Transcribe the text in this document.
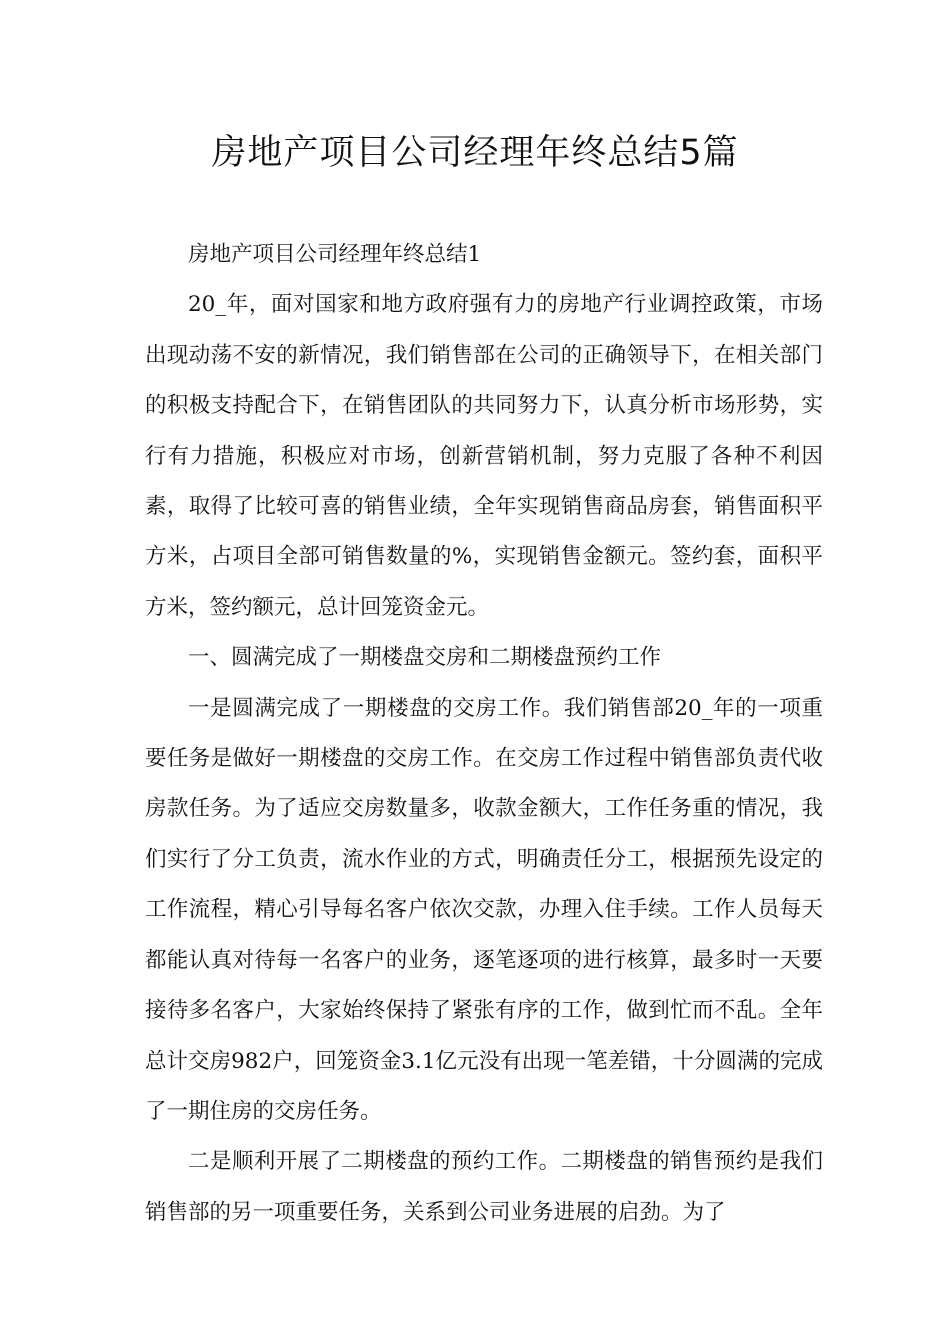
房地产项目公司经理年终总结5篇

房地产项目公司经理年终总结1

20_年，面对国家和地方政府强有力的房地产行业调控政策，市场出现动荡不安的新情况，我们销售部在公司的正确领导下，在相关部门的积极支持配合下，在销售团队的共同努力下，认真分析市场形势，实行有力措施，积极应对市场，创新营销机制，努力克服了各种不利因素，取得了比较可喜的销售业绩，全年实现销售商品房套，销售面积平方米，占项目全部可销售数量的%，实现销售金额元。签约套，面积平方米，签约额元，总计回笼资金元。

一、圆满完成了一期楼盘交房和二期楼盘预约工作

一是圆满完成了一期楼盘的交房工作。我们销售部20_年的一项重要任务是做好一期楼盘的交房工作。在交房工作过程中销售部负责代收房款任务。为了适应交房数量多，收款金额大，工作任务重的情况，我们实行了分工负责，流水作业的方式，明确责任分工，根据预先设定的工作流程，精心引导每名客户依次交款，办理入住手续。工作人员每天都能认真对待每一名客户的业务，逐笔逐项的进行核算，最多时一天要接待多名客户，大家始终保持了紧张有序的工作，做到忙而不乱。全年总计交房982户，回笼资金3.1亿元没有出现一笔差错，十分圆满的完成了一期住房的交房任务。

二是顺利开展了二期楼盘的预约工作。二期楼盘的销售预约是我们销售部的另一项重要任务，关系到公司业务进展的启劲。为了
